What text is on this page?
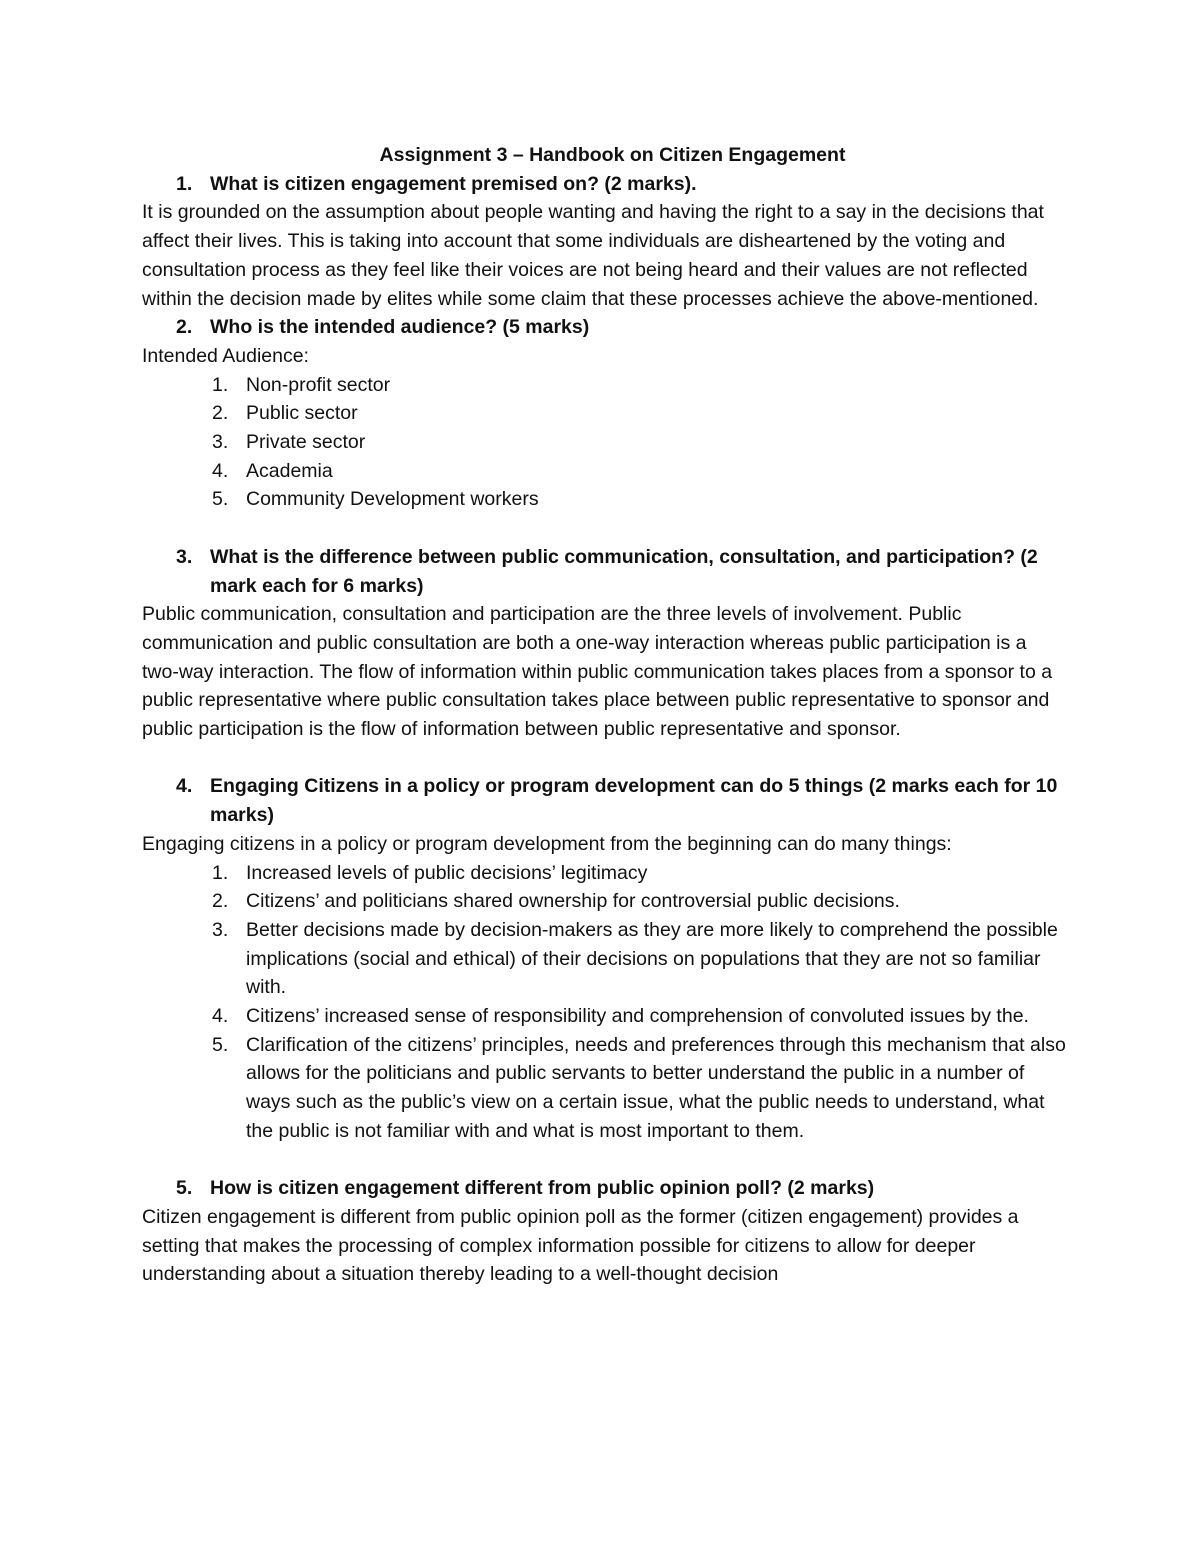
Assignment 3 – Handbook on Citizen Engagement

1. What is citizen engagement premised on? (2 marks).

It is grounded on the assumption about people wanting and having the right to a say in the decisions that affect their lives. This is taking into account that some individuals are disheartened by the voting and consultation process as they feel like their voices are not being heard and their values are not reflected within the decision made by elites while some claim that these processes achieve the above-mentioned.

2. Who is the intended audience? (5 marks)

Intended Audience:

1. Non-profit sector
2. Public sector
3. Private sector
4. Academia
5. Community Development workers
3. What is the difference between public communication, consultation, and participation? (2 mark each for 6 marks)

Public communication, consultation and participation are the three levels of involvement. Public communication and public consultation are both a one-way interaction whereas public participation is a two-way interaction. The flow of information within public communication takes places from a sponsor to a public representative where public consultation takes place between public representative to sponsor and public participation is the flow of information between public representative and sponsor.

4. Engaging Citizens in a policy or program development can do 5 things (2 marks each for 10 marks)

Engaging citizens in a policy or program development from the beginning can do many things:

1. Increased levels of public decisions’ legitimacy
2. Citizens’ and politicians shared ownership for controversial public decisions.
3. Better decisions made by decision-makers as they are more likely to comprehend the possible implications (social and ethical) of their decisions on populations that they are not so familiar with.
4. Citizens’ increased sense of responsibility and comprehension of convoluted issues by the.
5. Clarification of the citizens’ principles, needs and preferences through this mechanism that also allows for the politicians and public servants to better understand the public in a number of ways such as the public’s view on a certain issue, what the public needs to understand, what the public is not familiar with and what is most important to them.
5. How is citizen engagement different from public opinion poll? (2 marks)

Citizen engagement is different from public opinion poll as the former (citizen engagement) provides a setting that makes the processing of complex information possible for citizens to allow for deeper understanding about a situation thereby leading to a well-thought decision
